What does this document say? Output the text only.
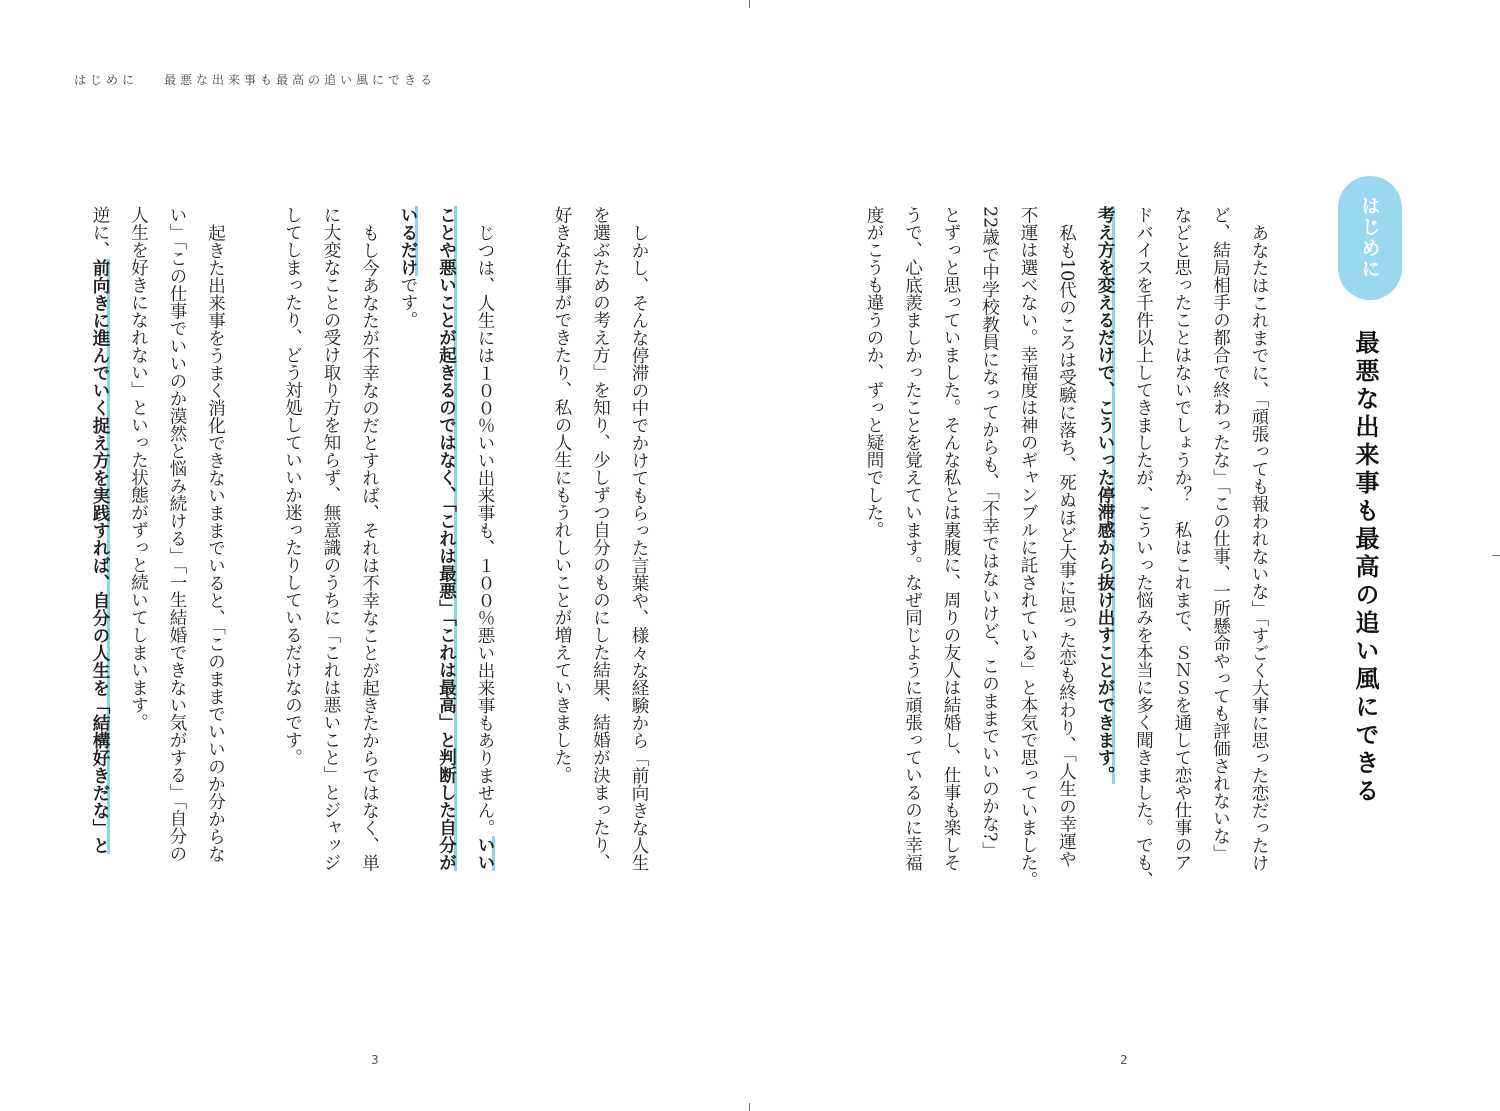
はじめに 最悪な出来事も最高の追い風にできる
はじめに
最悪な出来事も最高の追い風にできる
あなたはこれまでに、「頑張っても報われないな」「すごく大事に思った恋だったけ
ど、結局相手の都合で終わったな」「この仕事、一所懸命やっても評価されないな」
などと思ったことはないでしょうか？　私はこれまで、ＳＮＳを通して恋や仕事のア
ドバイスを千件以上してきましたが、こういった悩みを本当に多く聞きました。でも、
考え方を変えるだけで、こういった停滞感から抜け出すことができます。
私も10代のころは受験に落ち、死ぬほど大事に思った恋も終わり、「人生の幸運や
不運は選べない。幸福度は神のギャンブルに託されている」と本気で思っていました。
22歳で中学校教員になってからも、「不幸ではないけど、このままでいいのかな?」
とずっと思っていました。そんな私とは裏腹に、周りの友人は結婚し、仕事も楽しそ
うで、心底羨ましかったことを覚えています。なぜ同じように頑張っているのに幸福
度がこうも違うのか、ずっと疑問でした。
しかし、そんな停滞の中でかけてもらった言葉や、様々な経験から「前向きな人生
を選ぶための考え方」を知り、少しずつ自分のものにした結果、結婚が決まったり、
好きな仕事ができたり、私の人生にもうれしいことが増えていきました。
じつは、人生には１００％いい出来事も、１００％悪い出来事もありません。いい
ことや悪いことが起きるのではなく、「これは最悪」「これは最高」と判断した自分が
いるだけです。
もし今あなたが不幸なのだとすれば、それは不幸なことが起きたからではなく、単
に大変なことの受け取り方を知らず、無意識のうちに「これは悪いこと」とジャッジ
してしまったり、どう対処していいか迷ったりしているだけなのです。
起きた出来事をうまく消化できないままでいると、「このままでいいのか分からな
い」「この仕事でいいのか漠然と悩み続ける」「一生結婚できない気がする」「自分の
人生を好きになれない」といった状態がずっと続いてしまいます。
逆に、前向きに進んでいく捉え方を実践すれば、自分の人生を「結構好きだな」と
3	2
